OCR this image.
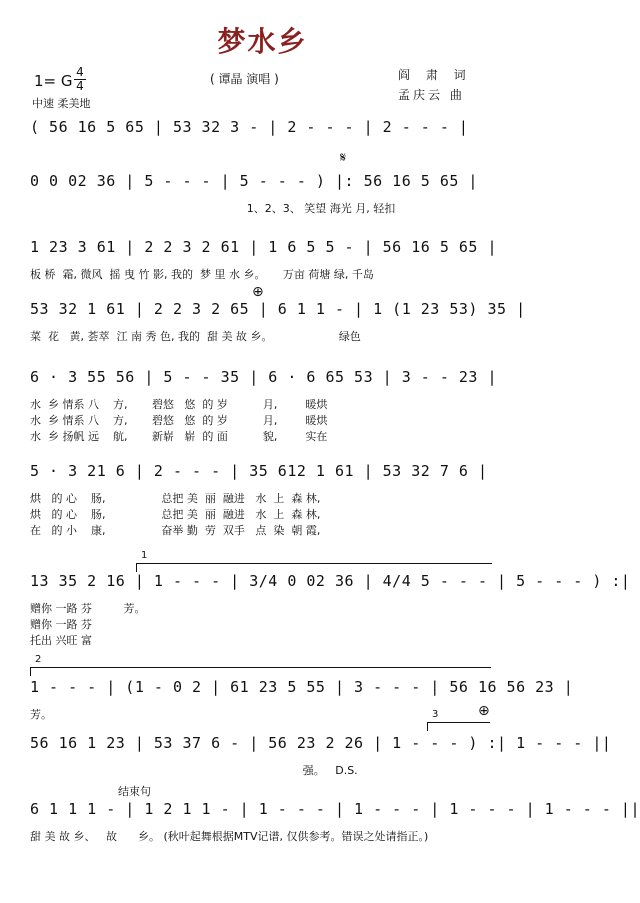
梦水乡
1= G 4
4
中速 柔美地
( 谭晶 演唱 )	阎 肃 词
孟庆云 曲
( 56 16 5 65 | 53 32 3 - | 2 - - - | 2 - - - |
0 0 02 36 | 5 - - - | 5 - - - ) |: 56 16 5 65 |
1、2、3、 笑望 海光 月, 轻扣
1 23 3 61 | 2 2 3 2 61 | 1 6 5 5 - | 56 16 5 65 |
板 桥  霜, 微风  摇 曳 竹 影, 我的  梦 里 水 乡。     万亩 荷塘 绿, 千岛
53 32 1 61 | 2 2 3 2 65 | 6 1 1 - | 1 (1 23 53) 35 |
菜  花   黄, 荟萃  江 南 秀 色, 我的  甜 美 故 乡。                   绿色
6 · 3 55 56 | 5 - - 35 | 6 · 6 65 53 | 3 - - 23 |
水  乡 情系 八    方,       碧悠   悠  的 岁          月,        暖烘
水  乡 情系 八    方,       碧悠   悠  的 岁          月,        暖烘
水  乡 扬帆 远    航,       新崭   崭  的 面          貌,        实在
5 · 3 21 6 | 2 - - - | 35 612 1 61 | 53 32 7 6 |
烘   的 心    肠,                总把 美  丽  融进   水  上  森 林,
烘   的 心    肠,                总把 美  丽  融进   水  上  森 林,
在   的 小    康,                奋举 勤  劳  双手   点  染  朝 霞,
13 35 2 16 | 1 - - - | 3/4 0 02 36 | 4/4 5 - - - | 5 - - - ) :|
赠你 一路 芬         芳。
赠你 一路 芬
托出 兴旺 富
1 - - - | (1 - 0 2 | 61 23 5 55 | 3 - - - | 56 16 56 23 |
芳。
56 16 1 23 | 53 37 6 - | 56 23 2 26 | 1 - - - ) :| 1 - - - ||
强。   D.S.
6 1 1 1 - | 1 2 1 1 - | 1 - - - | 1 - - - | 1 - - - | 1 - - - ||
甜 美 故 乡、   故      乡。 (秋叶起舞根据MTV记谱, 仅供参考。错误之处请指正。)
𝄋
⊕
⊕
1
2
3
结束句
